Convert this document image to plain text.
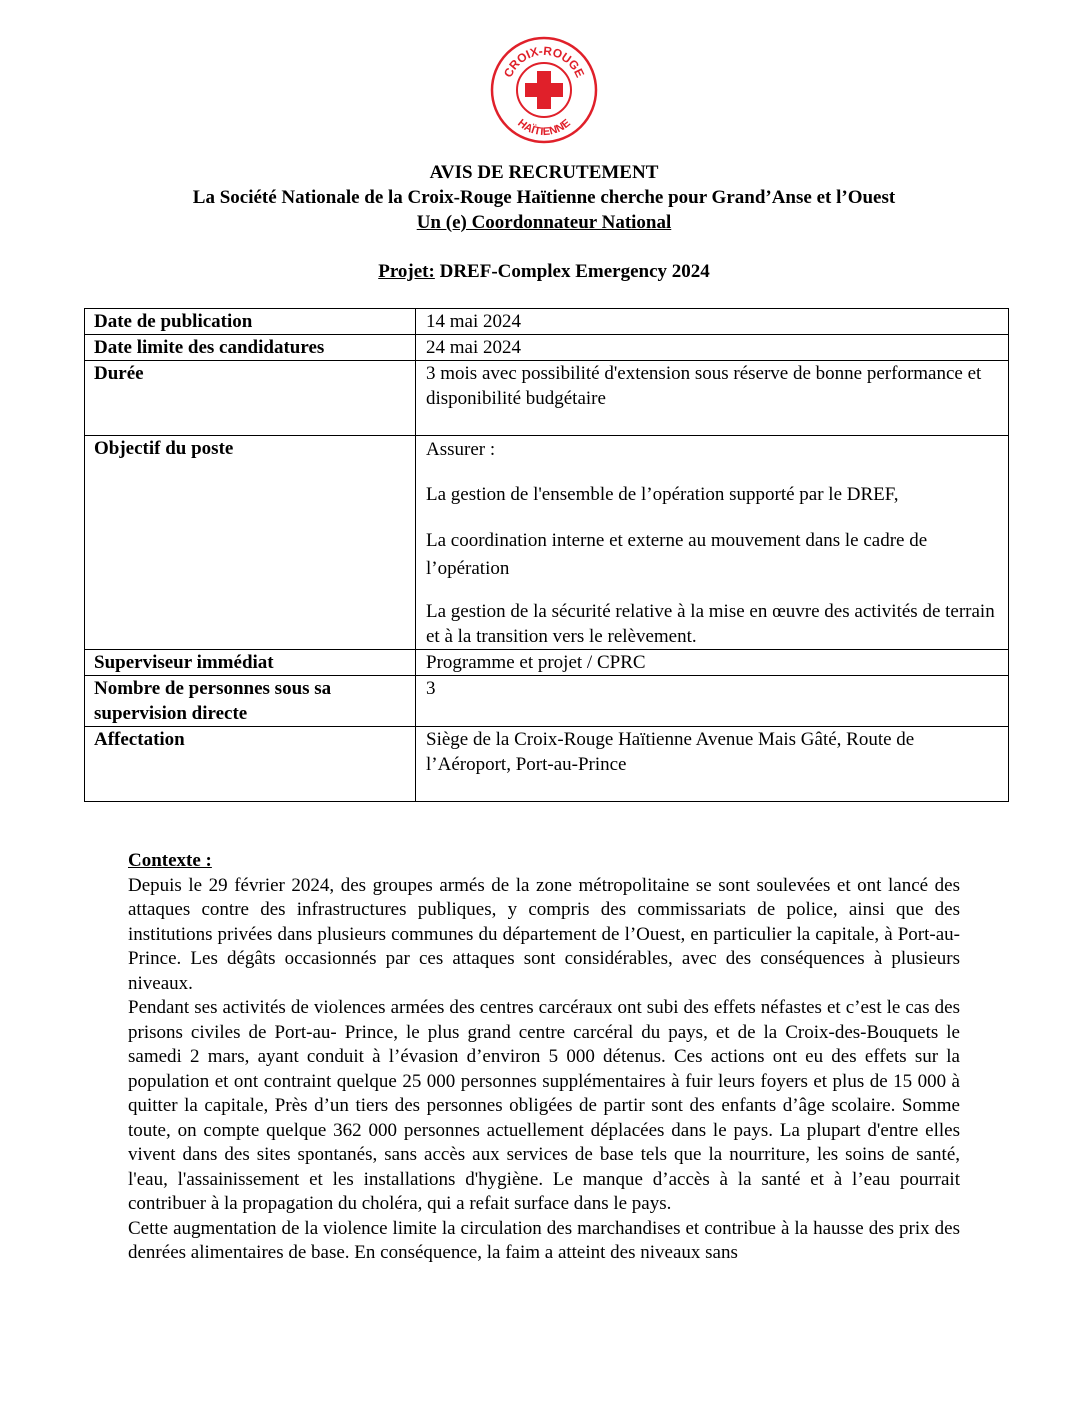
CROIX-ROUGE
HAÏTIENNE
AVIS DE RECRUTEMENT
La Société Nationale de la Croix-Rouge Haïtienne cherche pour Grand’Anse et l’Ouest
Un (e) Coordonnateur National
Projet: DREF-Complex Emergency 2024
Date de publication	14 mai 2024
Date limite des candidatures	24 mai 2024
Durée	3 mois avec possibilité d'extension sous réserve de bonne performance et disponibilité budgétaire
Objectif du poste	Assurer :
La gestion de l'ensemble de l’opération supporté par le DREF,
La coordination interne et externe au mouvement dans le cadre de l’opération
La gestion de la sécurité relative à la mise en œuvre des activités de terrain et à la transition vers le relèvement.

Superviseur immédiat	Programme et projet / CPRC
Nombre de personnes sous sa supervision directe	3
Affectation	Siège de la Croix-Rouge Haïtienne Avenue Mais Gâté, Route de l’Aéroport, Port-au-Prince

Contexte :

Depuis le 29 février 2024, des groupes armés de la zone métropolitaine se sont soulevées et ont lancé des attaques contre des infrastructures publiques, y compris des commissariats de police, ainsi que des institutions privées dans plusieurs communes du département de l’Ouest, en particulier la capitale, à Port-au-Prince. Les dégâts occasionnés par ces attaques sont considérables, avec des conséquences à plusieurs niveaux.

Pendant ses activités de violences armées des centres carcéraux ont subi des effets néfastes et c’est le cas des prisons civiles de Port-au- Prince, le plus grand centre carcéral du pays, et de la Croix-des-Bouquets le samedi 2 mars, ayant conduit à l’évasion d’environ 5 000 détenus. Ces actions ont eu des effets sur la population et ont contraint quelque 25 000 personnes supplémentaires à fuir leurs foyers et plus de 15 000 à quitter la capitale, Près d’un tiers des personnes obligées de partir sont des enfants d’âge scolaire. Somme toute, on compte quelque 362 000 personnes actuellement déplacées dans le pays. La plupart d'entre elles vivent dans des sites spontanés, sans accès aux services de base tels que la nourriture, les soins de santé, l'eau, l'assainissement et les installations d'hygiène. Le manque d’accès à la santé et à l’eau pourrait contribuer à la propagation du choléra, qui a refait surface dans le pays.

Cette augmentation de la violence limite la circulation des marchandises et contribue à la hausse des prix des denrées alimentaires de base. En conséquence, la faim a atteint des niveaux sans
